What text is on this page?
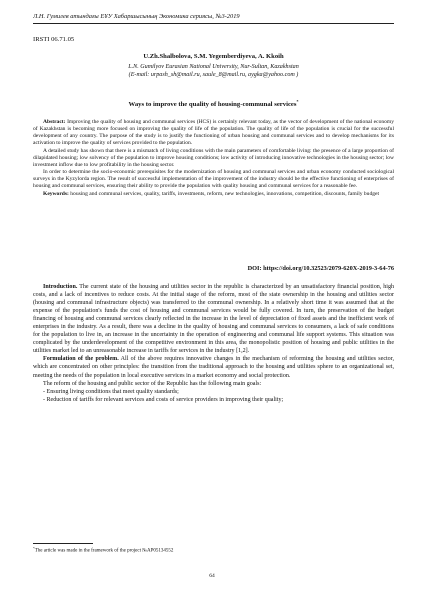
Л.Н. Гумилев атындағы ЕҰУ Хабаршысының Экономика сериясы, №3-2019
IRSTI 06.71.05
U.Zh.Shalbolova, S.M. Yegemberdiyeva, A. Kkoih
L.N. Gumilyov Eurasian National University, Nur-Sultan, Kazakhstan
(E-mail: urpash_sh@mail.ru, saule_8@mail.ru, aygka@yahoo.com )
Ways to improve the quality of housing-communal services*

Abstract: Improving the quality of housing and communal services (HCS) is certainly relevant today, as the vector of development of the national economy of Kazakhstan is becoming more focused on improving the quality of life of the population. The quality of life of the population is crucial for the successful development of any country. The purpose of the study is to justify the functioning of urban housing and communal services and to develop mechanisms for its activation to improve the quality of services provided to the population.

A detailed study has shown that there is a mismatch of living conditions with the main parameters of comfortable living: the presence of a large proportion of dilapidated housing; low solvency of the population to improve housing conditions; low activity of introducing innovative technologies in the housing sector; low investment inflow due to low profitability in the housing sector.

In order to determine the socio-economic prerequisites for the modernization of housing and communal services and urban economy conducted sociological surveys in the Kyzylorda region. The result of successful implementation of the improvement of the industry should be the effective functioning of enterprises of housing and communal services, ensuring their ability to provide the population with quality housing and communal services for a reasonable fee.

Keywords: housing and communal services, quality, tariffs, investments, reform, new technologies, innovations, competition, discounts, family budget

DOI: https://doi.org/10.32523/2079-620X-2019-3-64-76

Introduction. The current state of the housing and utilities sector in the republic is characterized by an unsatisfactory financial position, high costs, and a lack of incentives to reduce costs. At the initial stage of the reform, most of the state ownership in the housing and utilities sector (housing and communal infrastructure objects) was transferred to the communal ownership. In a relatively short time it was assumed that at the expense of the population's funds the cost of housing and communal services would be fully covered. In turn, the preservation of the budget financing of housing and communal services clearly reflected in the increase in the level of depreciation of fixed assets and the inefficient work of enterprises in the industry. As a result, there was a decline in the quality of housing and communal services to consumers, a lack of safe conditions for the population to live in, an increase in the uncertainty in the operation of engineering and communal life support systems. This situation was complicated by the underdevelopment of the competitive environment in this area, the monopolistic position of housing and public utilities in the utilities market led to an unreasonable increase in tariffs for services in the industry [1,2].

Formulation of the problem. All of the above requires innovative changes in the mechanism of reforming the housing and utilities sector, which are concentrated on other principles: the transition from the traditional approach to the housing and utilities sphere to an organizational set, meeting the needs of the population in local executive services in a market economy and social protection.

The reform of the housing and public sector of the Republic has the following main goals:

- Ensuring living conditions that meet quality standards;

- Reduction of tariffs for relevant services and costs of service providers in improving their quality;

*The article was made in the framework of the project №AP05134552
64
